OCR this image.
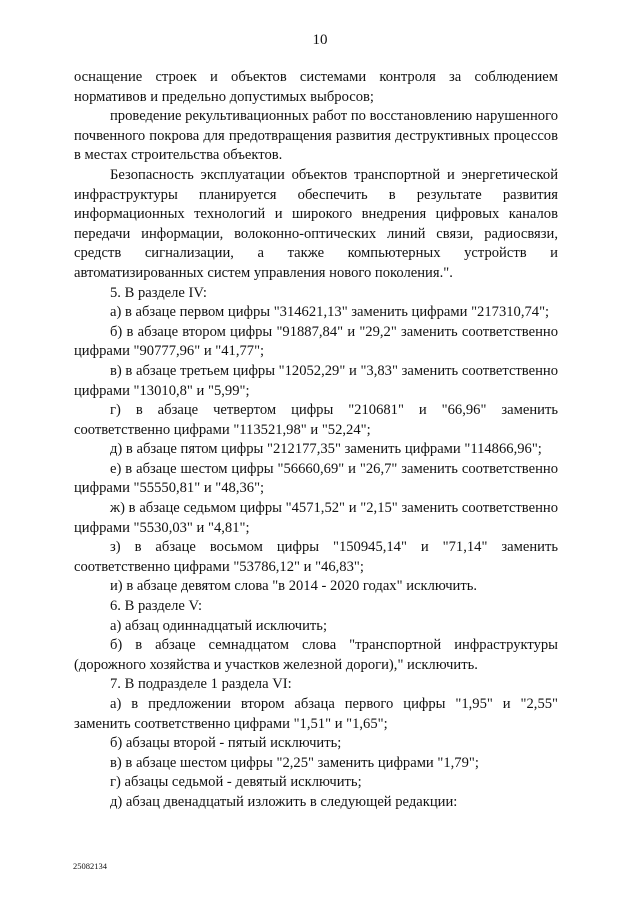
10

оснащение строек и объектов системами контроля за соблюдением нормативов и предельно допустимых выбросов;

проведение рекультивационных работ по восстановлению нарушенного почвенного покрова для предотвращения развития деструктивных процессов в местах строительства объектов.

Безопасность эксплуатации объектов транспортной и энергетической инфраструктуры планируется обеспечить в результате развития информационных технологий и широкого внедрения цифровых каналов передачи информации, волоконно-оптических линий связи, радиосвязи, средств сигнализации, а также компьютерных устройств и автоматизированных систем управления нового поколения.".

5. В разделе IV:

а) в абзаце первом цифры "314621,13" заменить цифрами "217310,74";

б) в абзаце втором цифры "91887,84" и "29,2" заменить соответственно цифрами "90777,96" и "41,77";

в) в абзаце третьем цифры "12052,29" и "3,83" заменить соответственно цифрами "13010,8" и "5,99";

г) в абзаце четвертом цифры "210681" и "66,96" заменить соответственно цифрами "113521,98" и "52,24";

д) в абзаце пятом цифры "212177,35" заменить цифрами "114866,96";

е) в абзаце шестом цифры "56660,69" и "26,7" заменить соответственно цифрами "55550,81" и "48,36";

ж) в абзаце седьмом цифры "4571,52" и "2,15" заменить соответственно цифрами "5530,03" и "4,81";

з) в абзаце восьмом цифры "150945,14" и "71,14" заменить соответственно цифрами "53786,12" и "46,83";

и) в абзаце девятом слова "в 2014 - 2020 годах" исключить.

6. В разделе V:

а) абзац одиннадцатый исключить;

б) в абзаце семнадцатом слова "транспортной инфраструктуры (дорожного хозяйства и участков железной дороги)," исключить.

7. В подразделе 1 раздела VI:

а) в предложении втором абзаца первого цифры "1,95" и "2,55" заменить соответственно цифрами "1,51" и "1,65";

б) абзацы второй - пятый исключить;

в) в абзаце шестом цифры "2,25" заменить цифрами "1,79";

г) абзацы седьмой - девятый исключить;

д) абзац двенадцатый изложить в следующей редакции:

25082134
